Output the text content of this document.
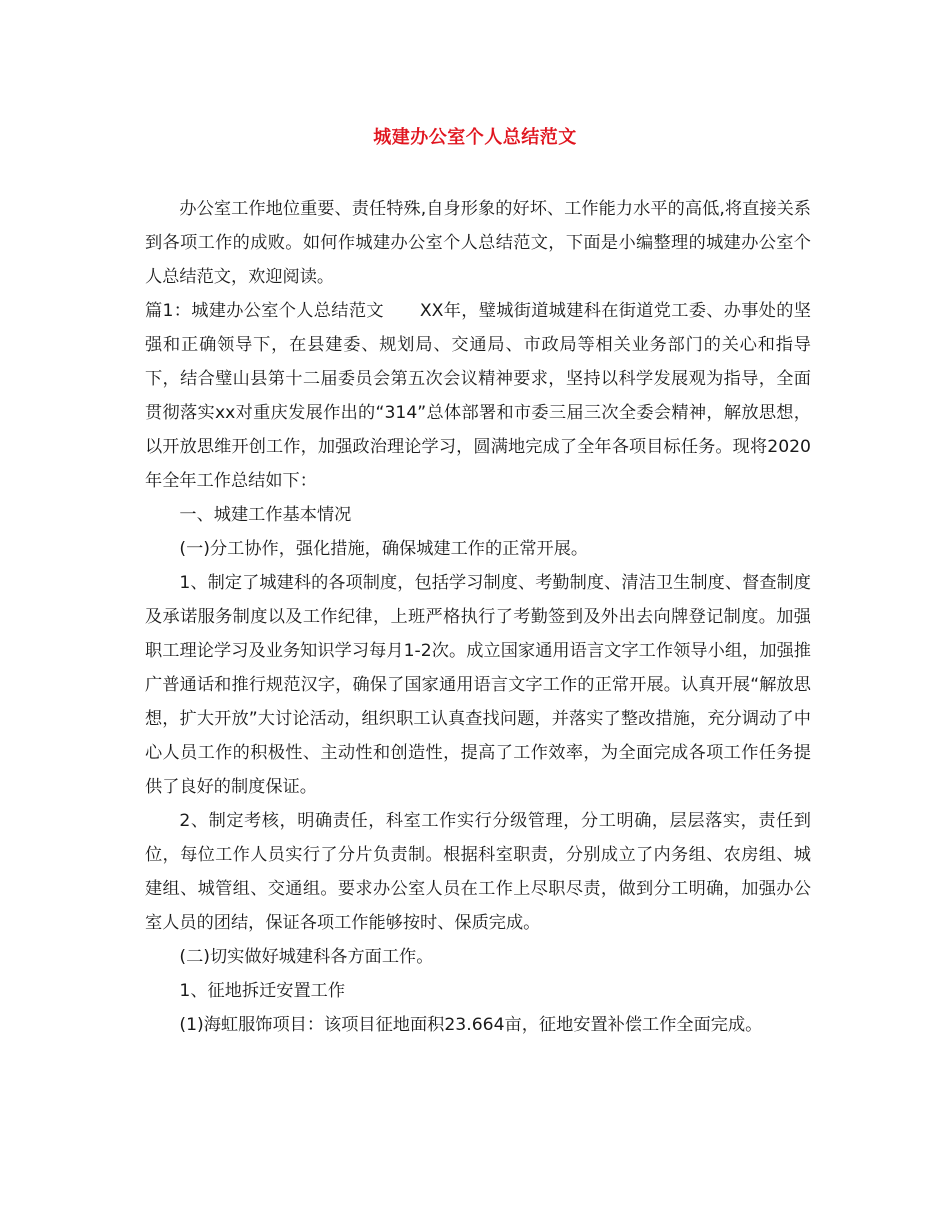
城建办公室个人总结范文

办公室工作地位重要、责任特殊,自身形象的好坏、工作能力水平的高低,将直接关系到各项工作的成败。如何作城建办公室个人总结范文，下面是小编整理的城建办公室个人总结范文，欢迎阅读。

篇1：城建办公室个人总结范文 XX年，璧城街道城建科在街道党工委、办事处的坚强和正确领导下，在县建委、规划局、交通局、市政局等相关业务部门的关心和指导下，结合璧山县第十二届委员会第五次会议精神要求，坚持以科学发展观为指导，全面贯彻落实xx对重庆发展作出的“314”总体部署和市委三届三次全委会精神，解放思想，以开放思维开创工作，加强政治理论学习，圆满地完成了全年各项目标任务。现将2020年全年工作总结如下：

一、城建工作基本情况

(一)分工协作，强化措施，确保城建工作的正常开展。

1、制定了城建科的各项制度，包括学习制度、考勤制度、清洁卫生制度、督查制度及承诺服务制度以及工作纪律，上班严格执行了考勤签到及外出去向牌登记制度。加强职工理论学习及业务知识学习每月1-2次。成立国家通用语言文字工作领导小组，加强推广普通话和推行规范汉字，确保了国家通用语言文字工作的正常开展。认真开展“解放思想，扩大开放”大讨论活动，组织职工认真查找问题，并落实了整改措施，充分调动了中心人员工作的积极性、主动性和创造性，提高了工作效率，为全面完成各项工作任务提供了良好的制度保证。

2、制定考核，明确责任，科室工作实行分级管理，分工明确，层层落实，责任到位，每位工作人员实行了分片负责制。根据科室职责，分别成立了内务组、农房组、城建组、城管组、交通组。要求办公室人员在工作上尽职尽责，做到分工明确，加强办公室人员的团结，保证各项工作能够按时、保质完成。

(二)切实做好城建科各方面工作。

1、征地拆迁安置工作

(1)海虹服饰项目：该项目征地面积23.664亩，征地安置补偿工作全面完成。
